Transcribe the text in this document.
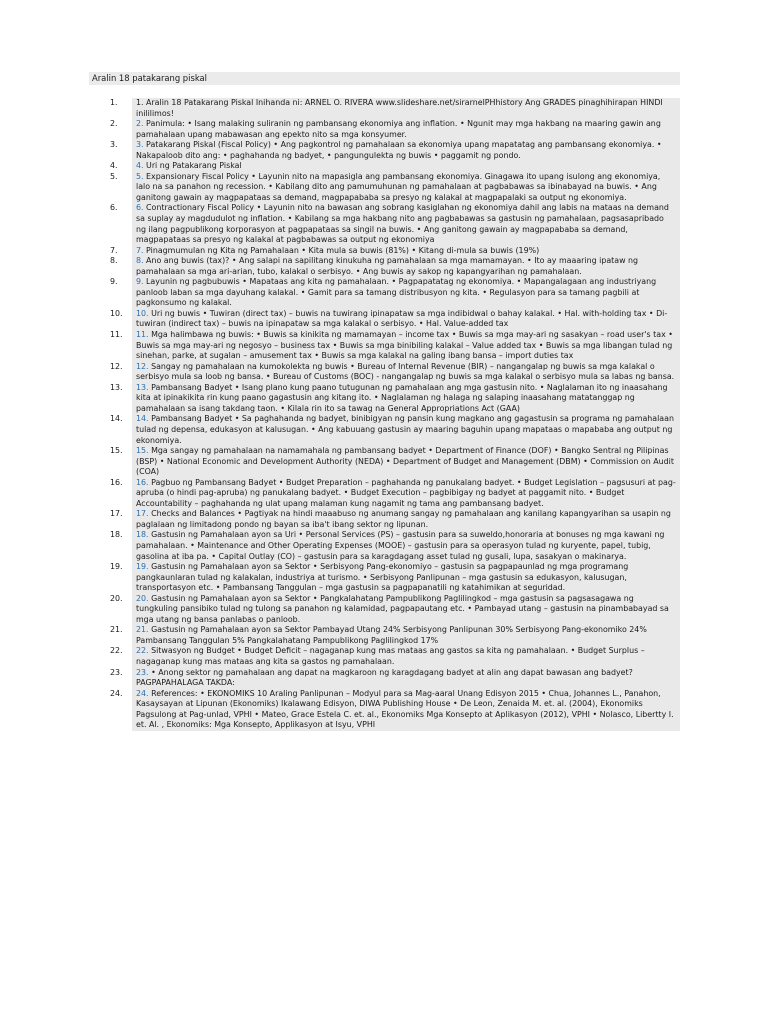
Aralin 18 patakarang piskal
1.	1. Aralin 18 Patakarang Piskal Inihanda ni: ARNEL O. RIVERA www.slideshare.net/sirarnelPHhistory Ang GRADES pinaghihirapan HINDI inililimos!
2.	2. Panimula: • Isang malaking suliranin ng pambansang ekonomiya ang inflation. • Ngunit may mga hakbang na maaring gawin ang pamahalaan upang mabawasan ang epekto nito sa mga konsyumer.
3.	3. Patakarang Piskal (Fiscal Policy) • Ang pagkontrol ng pamahalaan sa ekonomiya upang mapatatag ang pambansang ekonomiya. • Nakapaloob dito ang: • paghahanda ng badyet, • pangungulekta ng buwis • paggamit ng pondo.
4.	4. Uri ng Patakarang Piskal
5.	5. Expansionary Fiscal Policy • Layunin nito na mapasigla ang pambansang ekonomiya. Ginagawa ito upang isulong ang ekonomiya, lalo na sa panahon ng recession. • Kabilang dito ang pamumuhunan ng pamahalaan at pagbabawas sa ibinabayad na buwis. • Ang ganitong gawain ay magpapataas sa demand, magpapababa sa presyo ng kalakal at magpapalaki sa output ng ekonomiya.
6.	6. Contractionary Fiscal Policy • Layunin nito na bawasan ang sobrang kasiglahan ng ekonomiya dahil ang labis na mataas na demand sa suplay ay magdudulot ng inflation. • Kabilang sa mga hakbang nito ang pagbabawas sa gastusin ng pamahalaan, pagsasapribado ng ilang pagpublikong korporasyon at pagpapataas sa singil na buwis. • Ang ganitong gawain ay magpapababa sa demand, magpapataas sa presyo ng kalakal at pagbabawas sa output ng ekonomiya
7.	7. Pinagmumulan ng Kita ng Pamahalaan • Kita mula sa buwis (81%) • Kitang di-mula sa buwis (19%)
8.	8. Ano ang buwis (tax)? • Ang salapi na sapilitang kinukuha ng pamahalaan sa mga mamamayan. • Ito ay maaaring ipataw ng pamahalaan sa mga ari-arian, tubo, kalakal o serbisyo. • Ang buwis ay sakop ng kapangyarihan ng pamahalaan.
9.	9. Layunin ng pagbubuwis • Mapataas ang kita ng pamahalaan. • Pagpapatatag ng ekonomiya. • Mapangalagaan ang industriyang panloob laban sa mga dayuhang kalakal. • Gamit para sa tamang distribusyon ng kita. • Regulasyon para sa tamang pagbili at pagkonsumo ng kalakal.
10.	10. Uri ng buwis • Tuwiran (direct tax) – buwis na tuwirang ipinapataw sa mga indibidwal o bahay kalakal. • Hal. with-holding tax • Di-tuwiran (indirect tax) – buwis na ipinapataw sa mga kalakal o serbisyo. • Hal. Value-added tax
11.	11. Mga halimbawa ng buwis: • Buwis sa kinikita ng mamamayan – income tax • Buwis sa mga may-ari ng sasakyan – road user's tax • Buwis sa mga may-ari ng negosyo – business tax • Buwis sa mga binibiling kalakal – Value added tax • Buwis sa mga libangan tulad ng sinehan, parke, at sugalan – amusement tax • Buwis sa mga kalakal na galing ibang bansa – import duties tax
12.	12. Sangay ng pamahalaan na kumokolekta ng buwis • Bureau of Internal Revenue (BIR) – nangangalap ng buwis sa mga kalakal o serbisyo mula sa loob ng bansa. • Bureau of Customs (BOC) - nangangalap ng buwis sa mga kalakal o serbisyo mula sa labas ng bansa.
13.	13. Pambansang Badyet • Isang plano kung paano tutugunan ng pamahalaan ang mga gastusin nito. • Naglalaman ito ng inaasahang kita at ipinakikita rin kung paano gagastusin ang kitang ito. • Naglalaman ng halaga ng salaping inaasahang matatanggap ng pamahalaan sa isang takdang taon. • Kilala rin ito sa tawag na General Appropriations Act (GAA)
14.	14. Pambansang Badyet • Sa paghahanda ng badyet, binibigyan ng pansin kung magkano ang gagastusin sa programa ng pamahalaan tulad ng depensa, edukasyon at kalusugan. • Ang kabuuang gastusin ay maaring baguhin upang mapataas o mapababa ang output ng ekonomiya.
15.	15. Mga sangay ng pamahalaan na namamahala ng pambansang badyet • Department of Finance (DOF) • Bangko Sentral ng Pilipinas (BSP) • National Economic and Development Authority (NEDA) • Department of Budget and Management (DBM) • Commission on Audit (COA)
16.	16. Pagbuo ng Pambansang Badyet • Budget Preparation – paghahanda ng panukalang badyet. • Budget Legislation – pagsusuri at pag-apruba (o hindi pag-apruba) ng panukalang badyet. • Budget Execution – pagbibigay ng badyet at paggamit nito. • Budget Accountability – paghahanda ng ulat upang malaman kung nagamit ng tama ang pambansang badyet.
17.	17. Checks and Balances • Pagtiyak na hindi maaabuso ng anumang sangay ng pamahalaan ang kanilang kapangyarihan sa usapin ng paglalaan ng limitadong pondo ng bayan sa iba't ibang sektor ng lipunan.
18.	18. Gastusin ng Pamahalaan ayon sa Uri • Personal Services (PS) – gastusin para sa suweldo,honoraria at bonuses ng mga kawani ng pamahalaan. • Maintenance and Other Operating Expenses (MOOE) – gastusin para sa operasyon tulad ng kuryente, papel, tubig, gasolina at iba pa. • Capital Outlay (CO) – gastusin para sa karagdagang asset tulad ng gusali, lupa, sasakyan o makinarya.
19.	19. Gastusin ng Pamahalaan ayon sa Sektor • Serbisyong Pang-ekonomiyo – gastusin sa pagpapaunlad ng mga programang pangkaunlaran tulad ng kalakalan, industriya at turismo. • Serbisyong Panlipunan – mga gastusin sa edukasyon, kalusugan, transportasyon etc. • Pambansang Tanggulan – mga gastusin sa pagpapanatili ng katahimikan at seguridad.
20.	20. Gastusin ng Pamahalaan ayon sa Sektor • Pangkalahatang Pampublikong Paglilingkod – mga gastusin sa pagsasagawa ng tungkuling pansibiko tulad ng tulong sa panahon ng kalamidad, pagpapautang etc. • Pambayad utang – gastusin na pinambabayad sa mga utang ng bansa panlabas o panloob.
21.	21. Gastusin ng Pamahalaan ayon sa Sektor Pambayad Utang 24% Serbisyong Panlipunan 30% Serbisyong Pang-ekonomiko 24% Pambansang Tanggulan 5% Pangkalahatang Pampublikong Paglilingkod 17%
22.	22. Sitwasyon ng Budget • Budget Deficit – nagaganap kung mas mataas ang gastos sa kita ng pamahalaan. • Budget Surplus – nagaganap kung mas mataas ang kita sa gastos ng pamahalaan.
23.	23. • Anong sektor ng pamahalaan ang dapat na magkaroon ng karagdagang badyet at alin ang dapat bawasan ang badyet? PAGPAPAHALAGA TAKDA:
24.	24. References: • EKONOMIKS 10 Araling Panlipunan – Modyul para sa Mag-aaral Unang Edisyon 2015 • Chua, Johannes L., Panahon, Kasaysayan at Lipunan (Ekonomiks) Ikalawang Edisyon, DIWA Publishing House • De Leon, Zenaida M. et. al. (2004), Ekonomiks Pagsulong at Pag-unlad, VPHI • Mateo, Grace Estela C. et. al., Ekonomiks Mga Konsepto at Aplikasyon (2012), VPHI • Nolasco, Libertty I. et. Al. , Ekonomiks: Mga Konsepto, Applikasyon at Isyu, VPHI
